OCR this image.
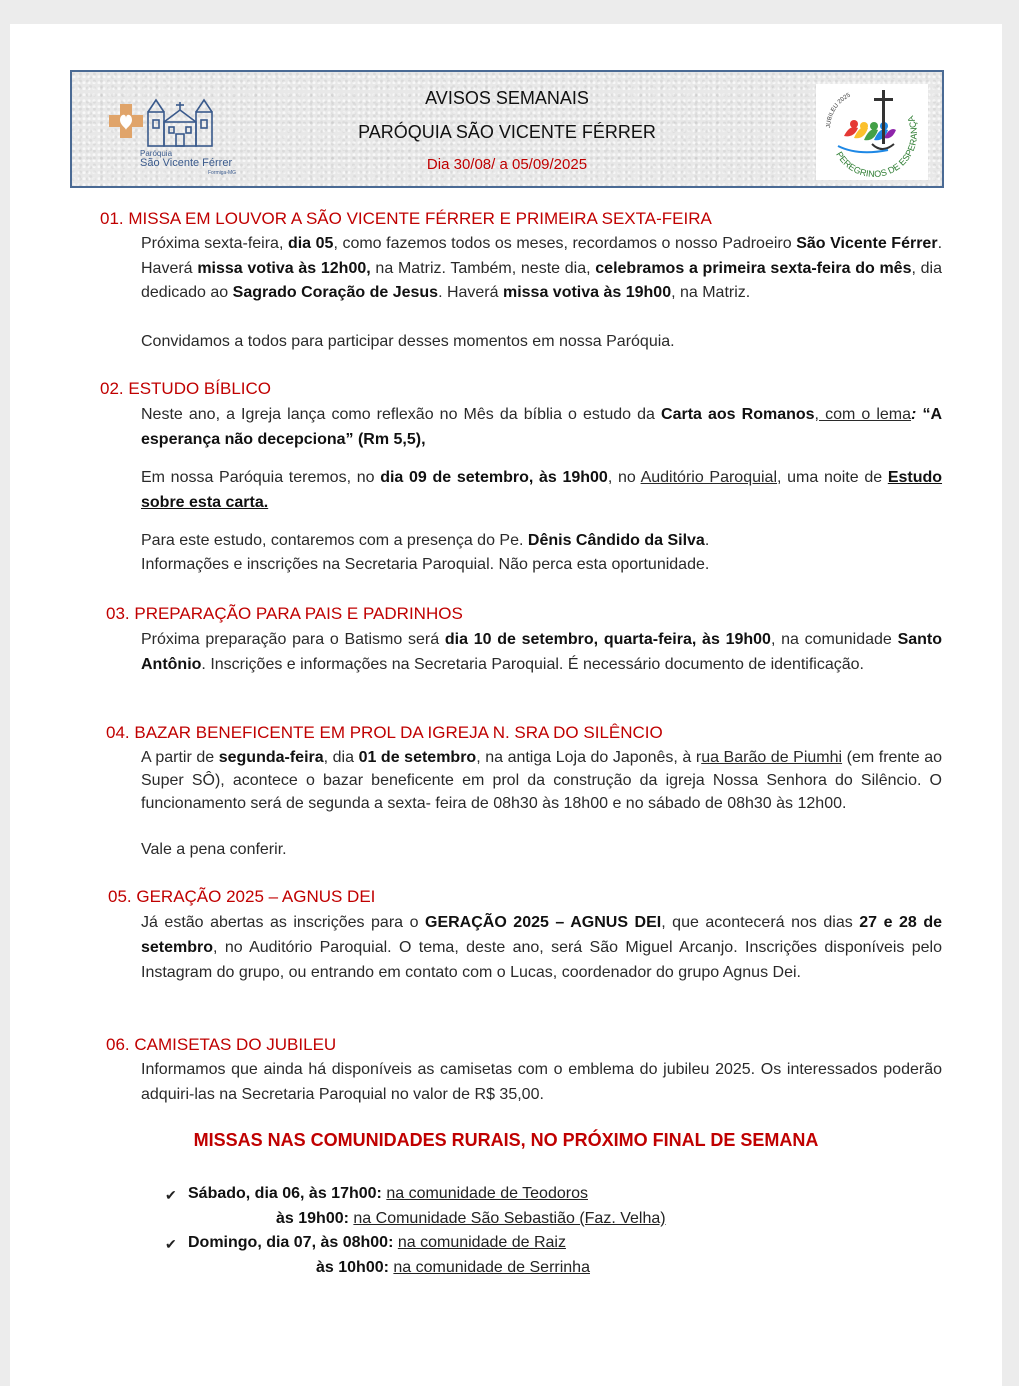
Paróquia
São Vicente Férrer
Formiga-MG
AVISOS SEMANAIS
PARÓQUIA SÃO VICENTE FÉRRER
Dia 30/08/ a 05/09/2025
JUBILEU 2025
PEREGRINOS DE ESPERANÇA
01. MISSA EM LOUVOR A SÃO VICENTE FÉRRER E PRIMEIRA SEXTA-FEIRA
Próxima sexta-feira, dia 05, como fazemos todos os meses, recordamos o nosso Padroeiro São Vicente Férrer. Haverá missa votiva às 12h00, na Matriz. Também, neste dia, celebramos a primeira sexta-feira do mês, dia dedicado ao Sagrado Coração de Jesus. Haverá missa votiva às 19h00, na Matriz.
Convidamos a todos para participar desses momentos em nossa Paróquia.
02. ESTUDO BÍBLICO
Neste ano, a Igreja lança como reflexão no Mês da bíblia o estudo da Carta aos Romanos, com o lema: “A esperança não decepciona” (Rm 5,5),
Em nossa Paróquia teremos, no dia 09 de setembro, às 19h00, no Auditório Paroquial, uma noite de Estudo sobre esta carta.
Para este estudo, contaremos com a presença do Pe. Dênis Cândido da Silva.
Informações e inscrições na Secretaria Paroquial. Não perca esta oportunidade.
03. PREPARAÇÃO PARA PAIS E PADRINHOS
Próxima preparação para o Batismo será dia 10 de setembro, quarta-feira, às 19h00, na comunidade Santo Antônio. Inscrições e informações na Secretaria Paroquial. É necessário documento de identificação.
04. BAZAR BENEFICENTE EM PROL DA IGREJA N. SRA DO SILÊNCIO
A partir de segunda-feira, dia 01 de setembro, na antiga Loja do Japonês, à rua Barão de Piumhi (em frente ao Super SÔ), acontece o bazar beneficente em prol da construção da igreja Nossa Senhora do Silêncio. O funcionamento será de segunda a sexta- feira de 08h30 às 18h00 e no sábado de 08h30 às 12h00.
Vale a pena conferir.
05. GERAÇÃO 2025 – AGNUS DEI
Já estão abertas as inscrições para o GERAÇÃO 2025 – AGNUS DEI, que acontecerá nos dias 27 e 28 de setembro, no Auditório Paroquial. O tema, deste ano, será São Miguel Arcanjo. Inscrições disponíveis pelo Instagram do grupo, ou entrando em contato com o Lucas, coordenador do grupo Agnus Dei.
06. CAMISETAS DO JUBILEU
Informamos que ainda há disponíveis as camisetas com o emblema do jubileu 2025. Os interessados poderão adquiri-las na Secretaria Paroquial no valor de R$ 35,00.
MISSAS NAS COMUNIDADES RURAIS, NO PRÓXIMO FINAL DE SEMANA
✔ Sábado, dia 06, às 17h00: na comunidade de Teodoros
às 19h00: na Comunidade São Sebastião (Faz. Velha)
✔ Domingo, dia 07, às 08h00: na comunidade de Raiz
às 10h00: na comunidade de Serrinha
